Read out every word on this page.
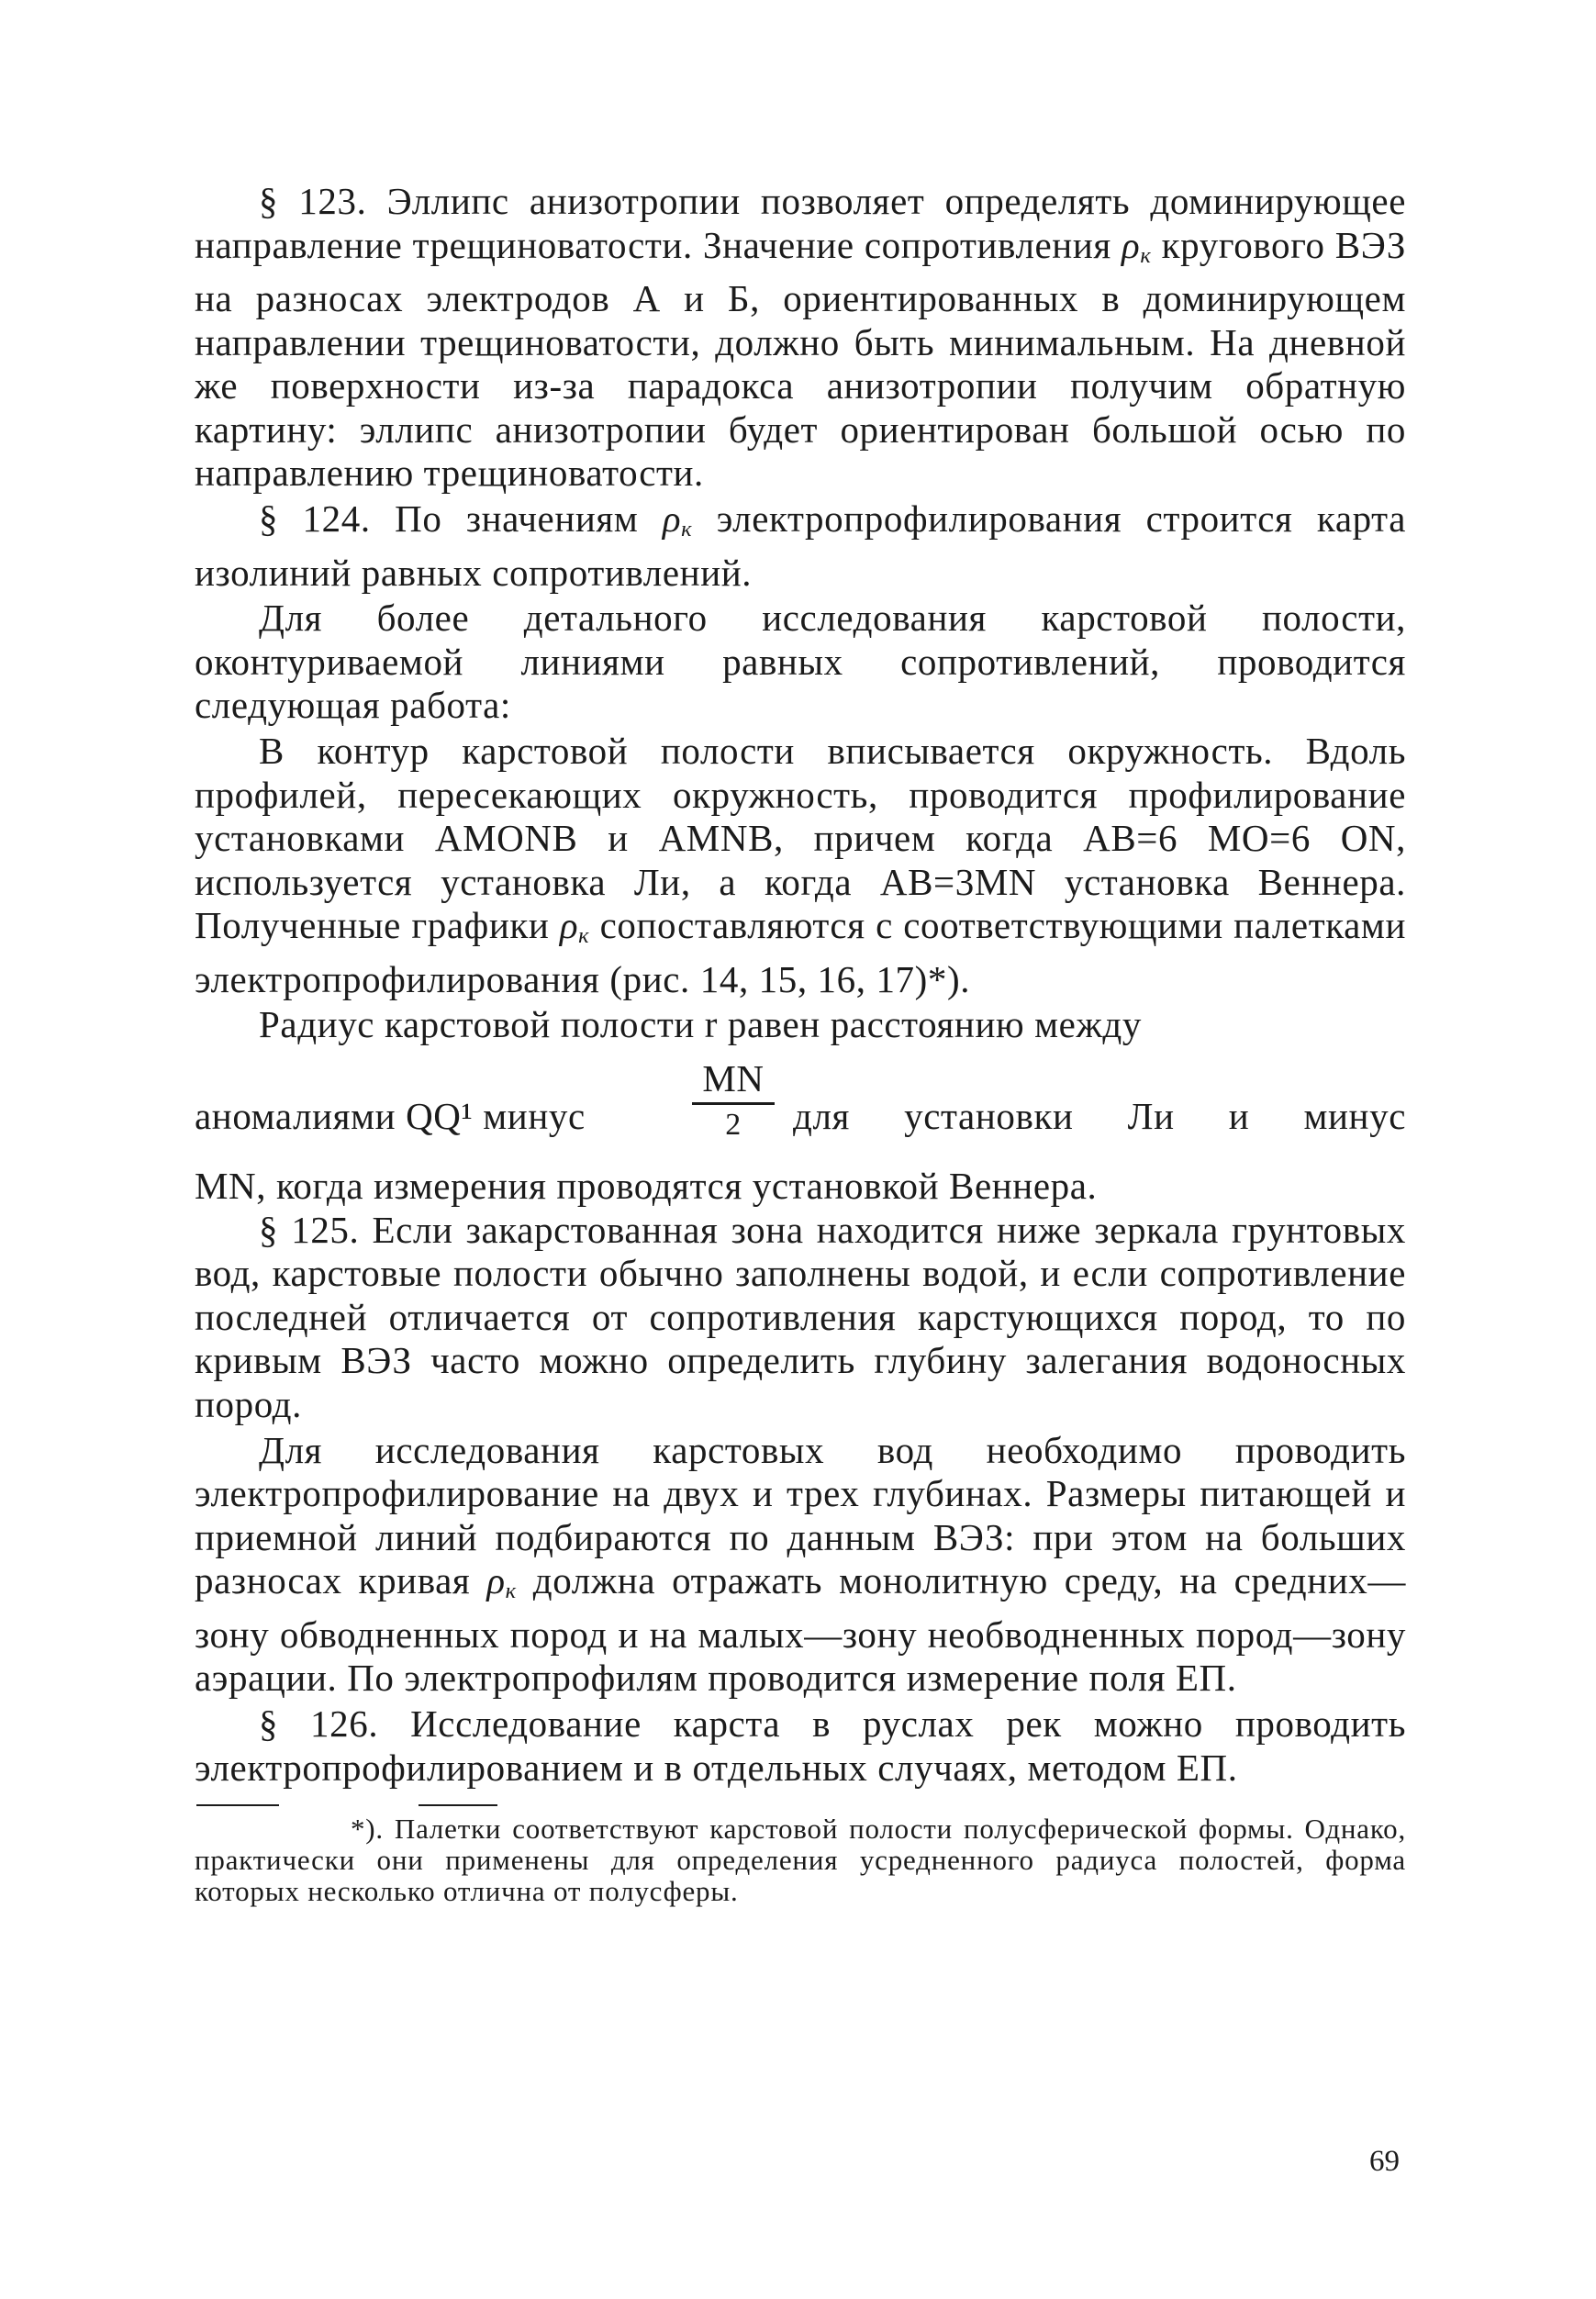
§ 123. Эллипс анизотропии позволяет определять доминирующее направление трещиноватости. Значение сопротивления $\rho_к$ кругового ВЭЗ на разносах электродов А и Б, ориентированных в доминирующем направлении трещиноватости, должно быть минимальным. На дневной же поверхности из-за парадокса анизотропии получим обратную картину: эллипс анизотропии будет ориентирован большой осью по направлению трещиноватости.

§ 124. По значениям $\rho_к$ электропрофилирования строится карта изолиний равных сопротивлений.

Для более детального исследования карстовой полости, оконтуриваемой линиями равных сопротивлений, проводится следующая работа:

В контур карстовой полости вписывается окружность. Вдоль профилей, пересекающих окружность, проводится профилирование установками AMONB и AMNB, причем когда АВ=6 МО=6 ON, используется установка Ли, а когда АВ=3MN установка Веннера. Полученные графики $\rho_к$ сопоставляются с соответствующими палетками электропрофилирования (рис. 14, 15, 16, 17)*).

Радиус карстовой полости r равен расстоянию между

аномалиями QQ¹ минус
MN
2	для установки Ли и минус

MN, когда измерения проводятся установкой Веннера.

§ 125. Если закарстованная зона находится ниже зеркала грунтовых вод, карстовые полости обычно заполнены водой, и если сопротивление последней отличается от сопротивления карстующихся пород, то по кривым ВЭЗ часто можно определить глубину залегания водоносных пород.

Для исследования карстовых вод необходимо проводить электропрофилирование на двух и трех глубинах. Размеры питающей и приемной линий подбираются по данным ВЭЗ: при этом на больших разносах кривая $\rho_к$ должна отражать монолитную среду, на средних—зону обводненных пород и на малых—зону необводненных пород—зону аэрации. По электропрофилям проводится измерение поля ЕП.

§ 126. Исследование карста в руслах рек можно проводить электропрофилированием и в отдельных случаях, методом ЕП.

*). Палетки соответствуют карстовой полости полусферической формы. Однако, практически они применены для определения усредненного радиуса полостей, форма которых несколько отлична от полусферы.

69
